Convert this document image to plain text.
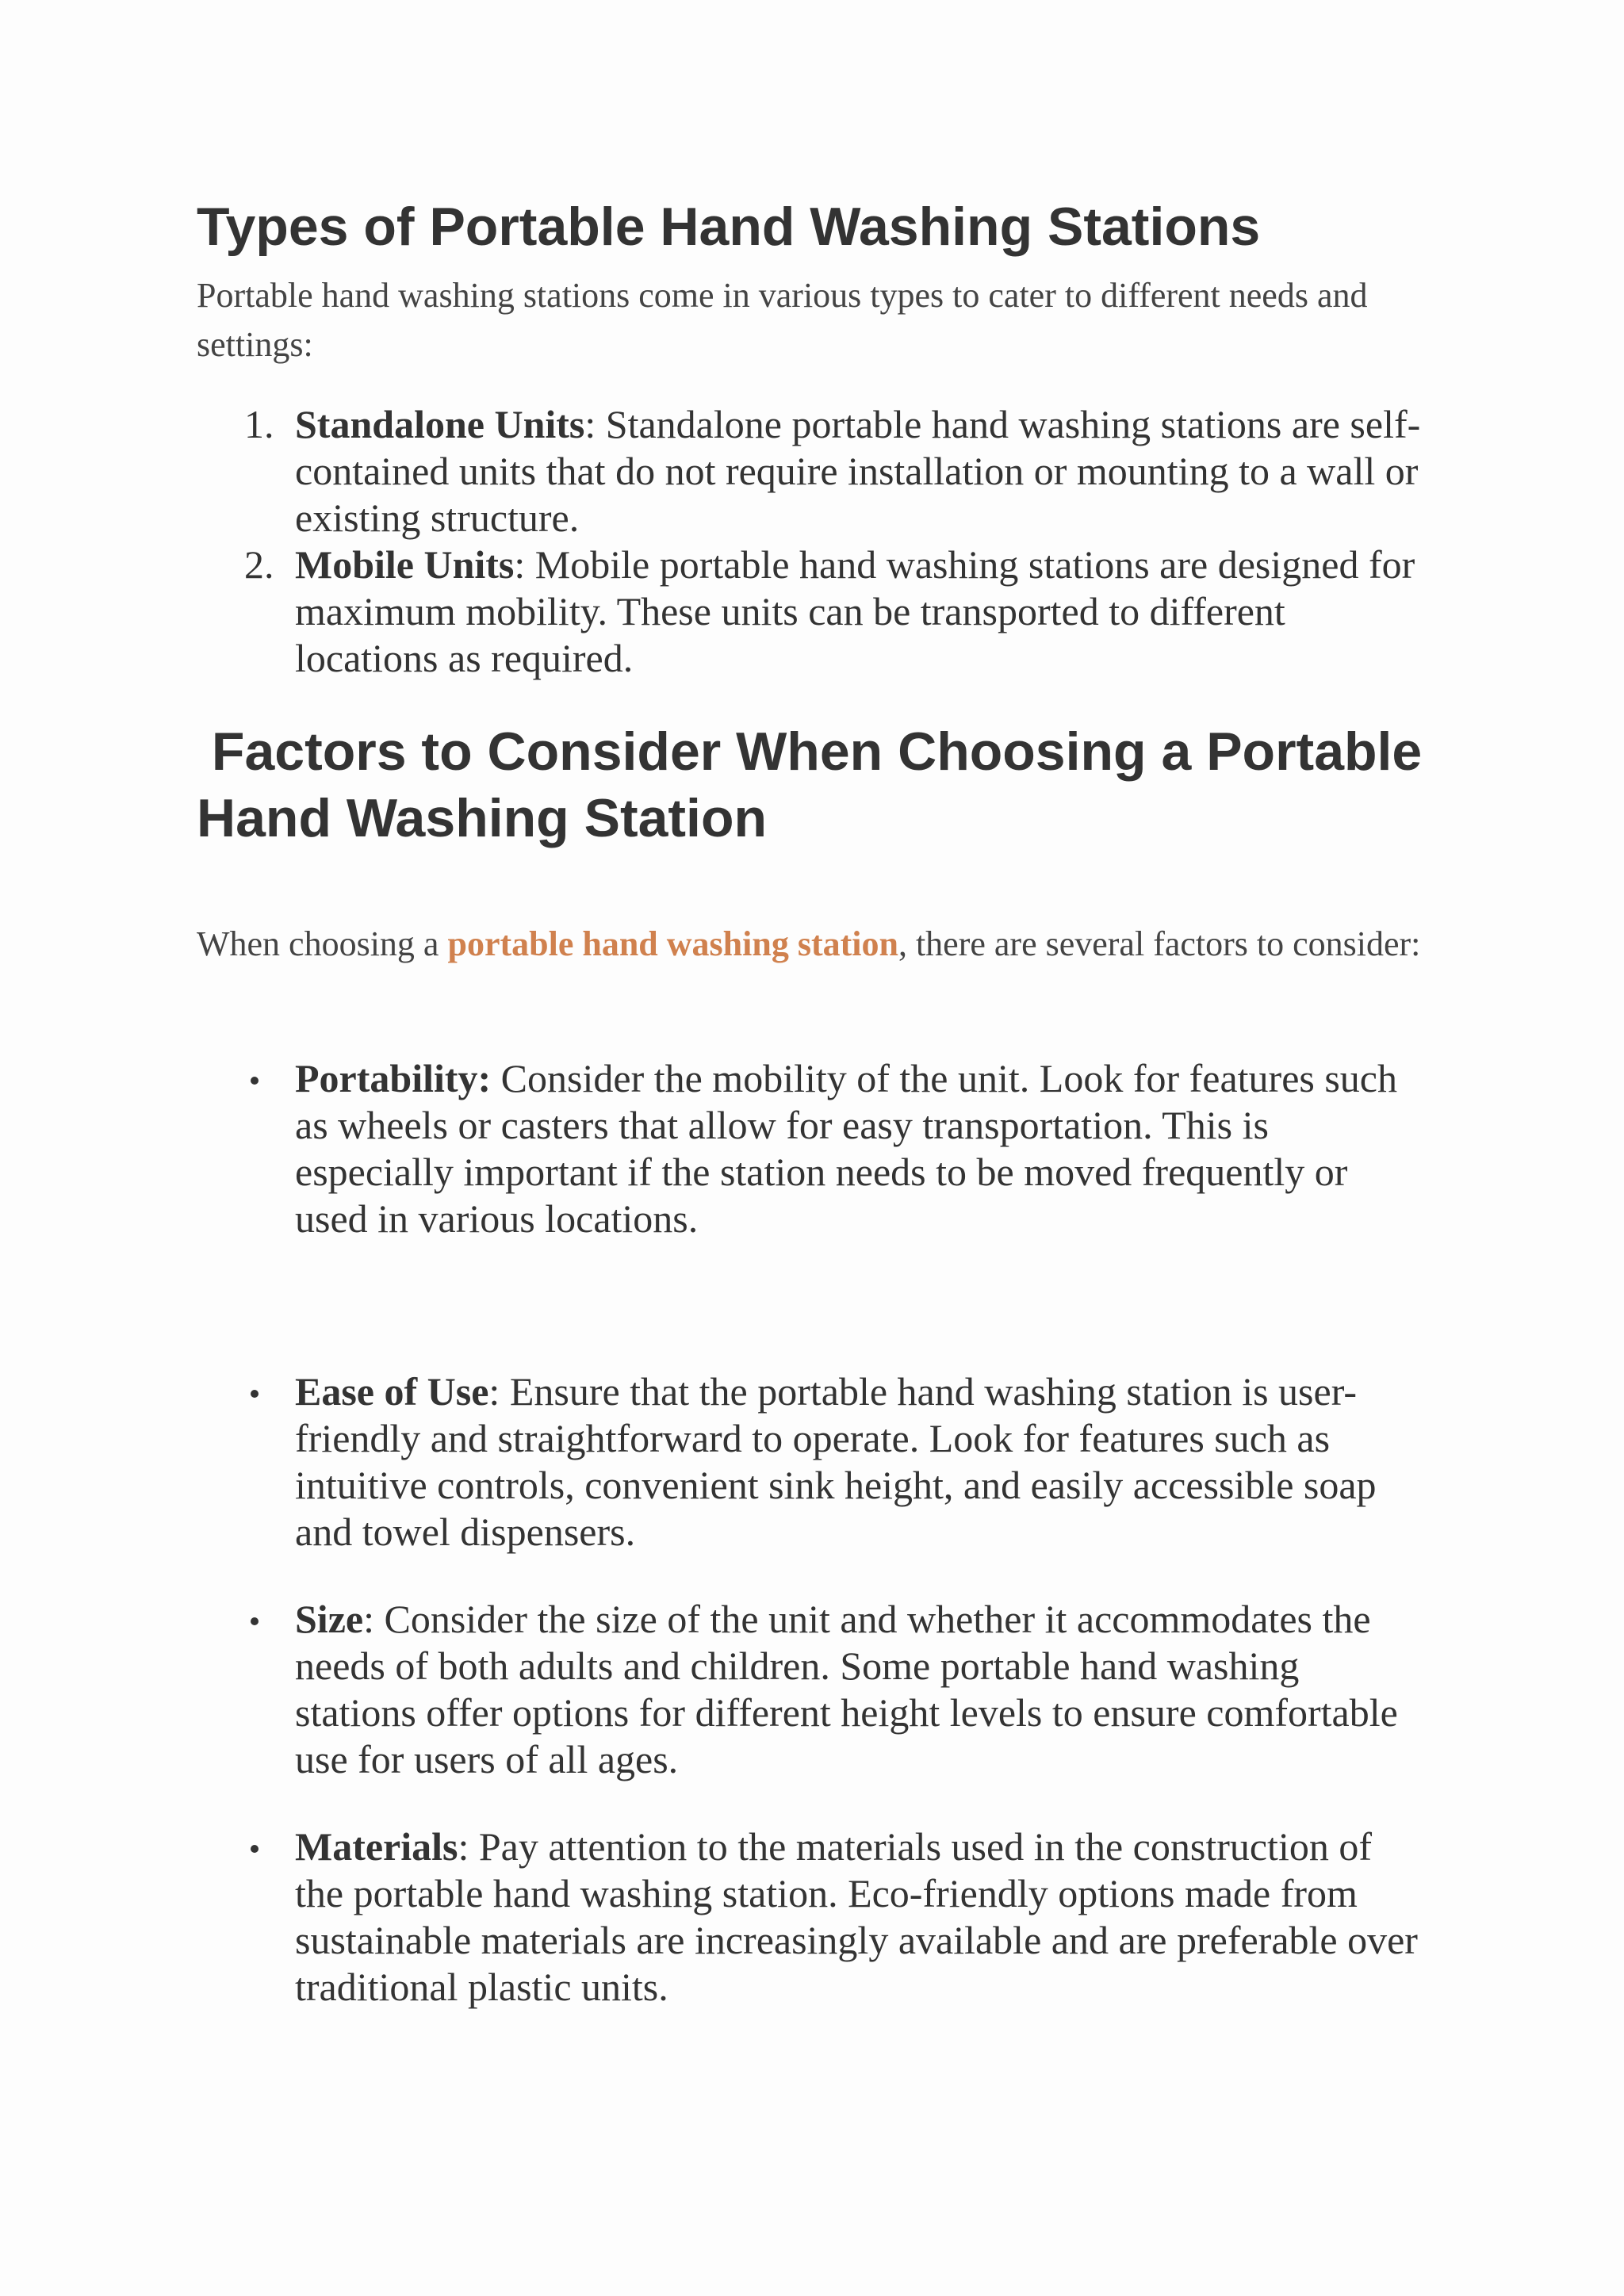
Types of Portable Hand Washing Stations

Portable hand washing stations come in various types to cater to different needs and settings:

1. Standalone Units: Standalone portable hand washing stations are self-contained units that do not require installation or mounting to a wall or existing structure.
2. Mobile Units: Mobile portable hand washing stations are designed for maximum mobility. These units can be transported to different locations as required.
Factors to Consider When Choosing a Portable Hand Washing Station

When choosing a portable hand washing station, there are several factors to consider:

Portability: Consider the mobility of the unit. Look for features such as wheels or casters that allow for easy transportation. This is especially important if the station needs to be moved frequently or used in various locations.
Ease of Use: Ensure that the portable hand washing station is user-friendly and straightforward to operate. Look for features such as intuitive controls, convenient sink height, and easily accessible soap and towel dispensers.
Size: Consider the size of the unit and whether it accommodates the needs of both adults and children. Some portable hand washing stations offer options for different height levels to ensure comfortable use for users of all ages.
Materials: Pay attention to the materials used in the construction of the portable hand washing station. Eco-friendly options made from sustainable materials are increasingly available and are preferable over traditional plastic units.
